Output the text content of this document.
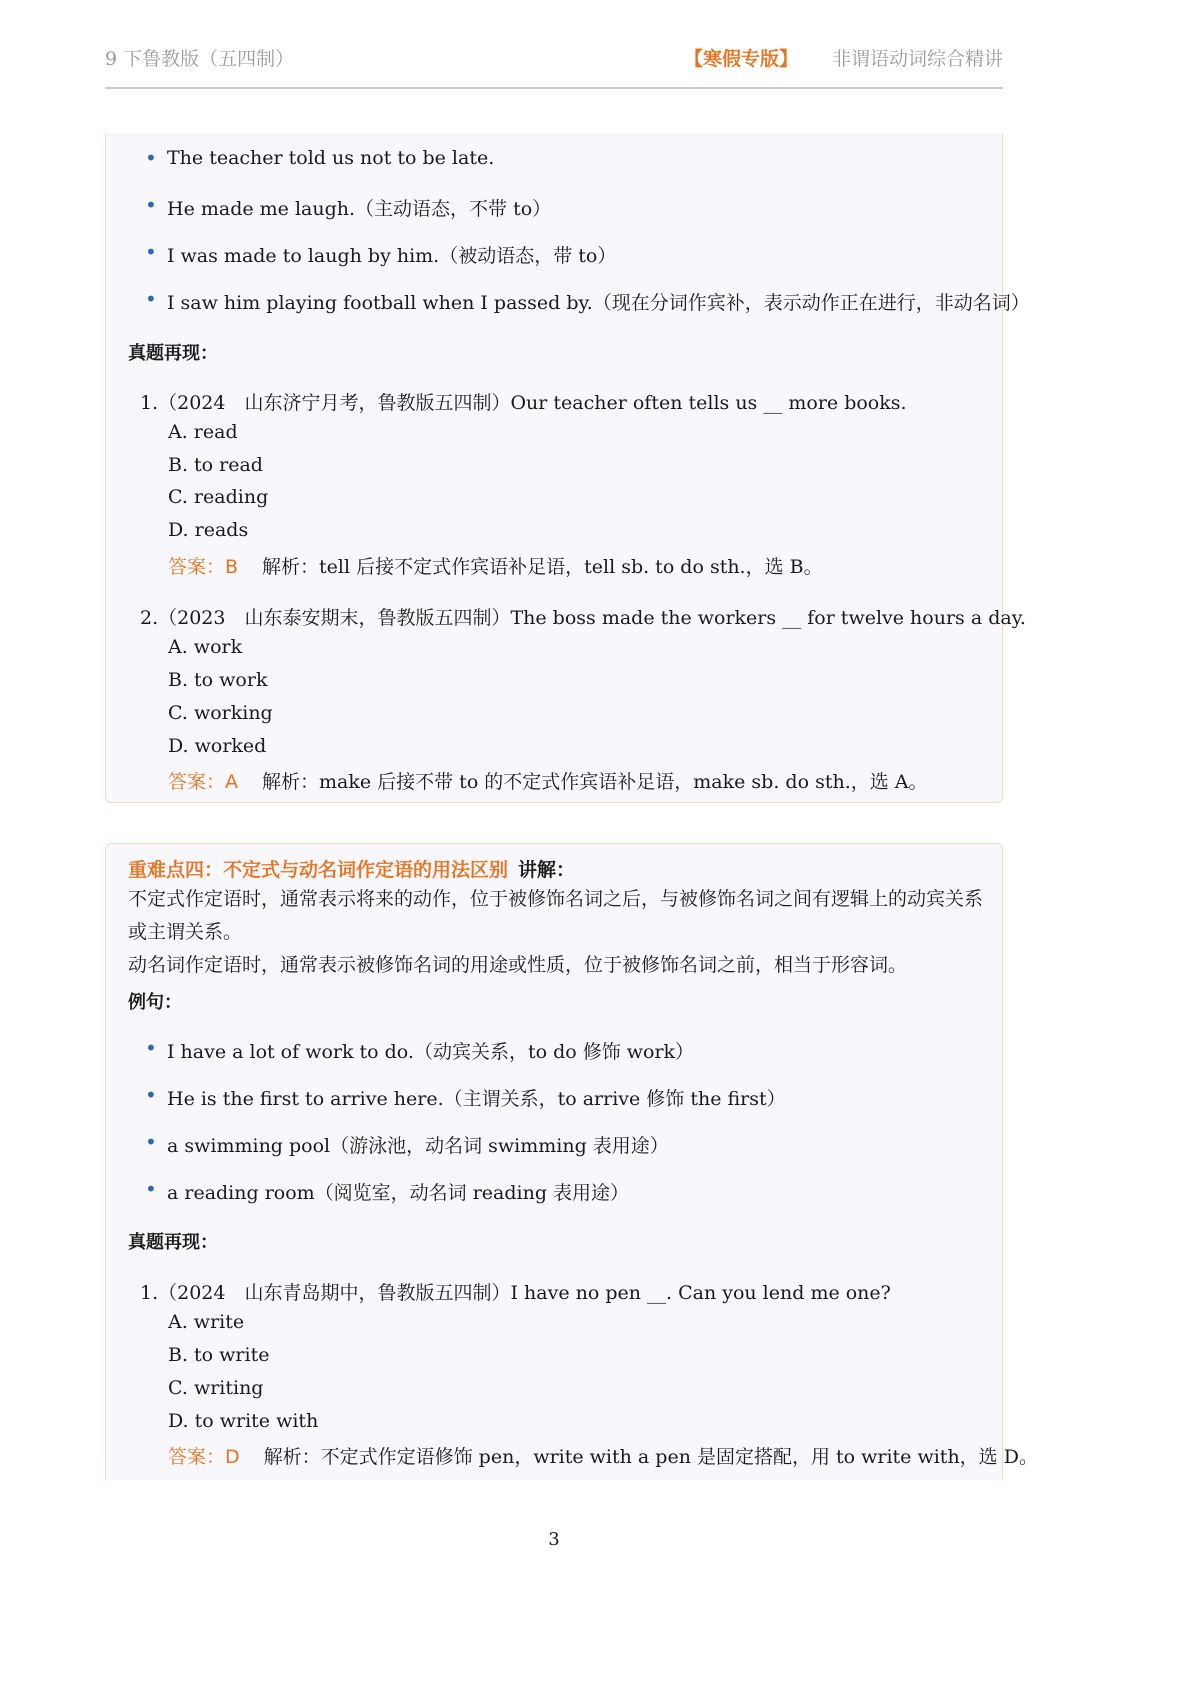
9 下鲁教版（五四制）	【寒假专版】 非谓语动词综合精讲
• The teacher told us not to be late.
• He made me laugh.（主动语态，不带 to）
• I was made to laugh by him.（被动语态，带 to）
• I saw him playing football when I passed by.（现在分词作宾补，表示动作正在进行，非动名词）
真题再现：
1.（2024　山东济宁月考，鲁教版五四制）Our teacher often tells us __ more books.
A. read
B. to read
C. reading
D. reads
答案：B 解析：tell 后接不定式作宾语补足语，tell sb. to do sth.，选 B。
2.（2023　山东泰安期末，鲁教版五四制）The boss made the workers __ for twelve hours a day.
A. work
B. to work
C. working
D. worked
答案：A 解析：make 后接不带 to 的不定式作宾语补足语，make sb. do sth.，选 A。
重难点四：不定式与动名词作定语的用法区别 讲解：
不定式作定语时，通常表示将来的动作，位于被修饰名词之后，与被修饰名词之间有逻辑上的动宾关系或主谓关系。
动名词作定语时，通常表示被修饰名词的用途或性质，位于被修饰名词之前，相当于形容词。
例句：
• I have a lot of work to do.（动宾关系，to do 修饰 work）
• He is the first to arrive here.（主谓关系，to arrive 修饰 the first）
• a swimming pool（游泳池，动名词 swimming 表用途）
• a reading room（阅览室，动名词 reading 表用途）
真题再现：
1.（2024　山东青岛期中，鲁教版五四制）I have no pen __. Can you lend me one?
A. write
B. to write
C. writing
D. to write with
答案：D 解析：不定式作定语修饰 pen，write with a pen 是固定搭配，用 to write with，选 D。
3
